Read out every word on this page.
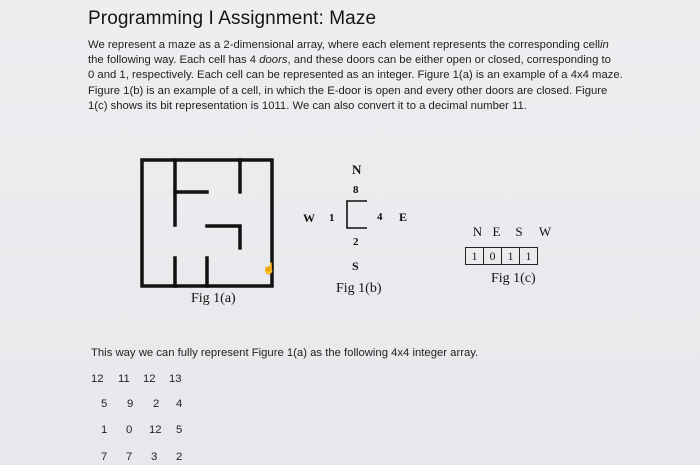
Programming I Assignment: Maze
We represent a maze as a 2-dimensional array, where each element represents the corresponding cellin
the following way. Each cell has 4 doors, and these doors can be either open or closed, corresponding to
0 and 1, respectively. Each cell can be represented as an integer. Figure 1(a) is an example of a 4x4 maze.
Figure 1(b) is an example of a cell, in which the E-door is open and every other doors are closed. Figure
1(c) shows its bit representation is 1011. We can also convert it to a decimal number 11.
Fig 1(a)
N
8
W 1	4 E
2
S
Fig 1(b)
N E S W
1	0	1	1
Fig 1(c)
☝
This way we can fully represent Figure 1(a) as the following 4x4 integer array.
12 11 12 13
5 9 2 4
1 0 12 5
7 7 3 2
